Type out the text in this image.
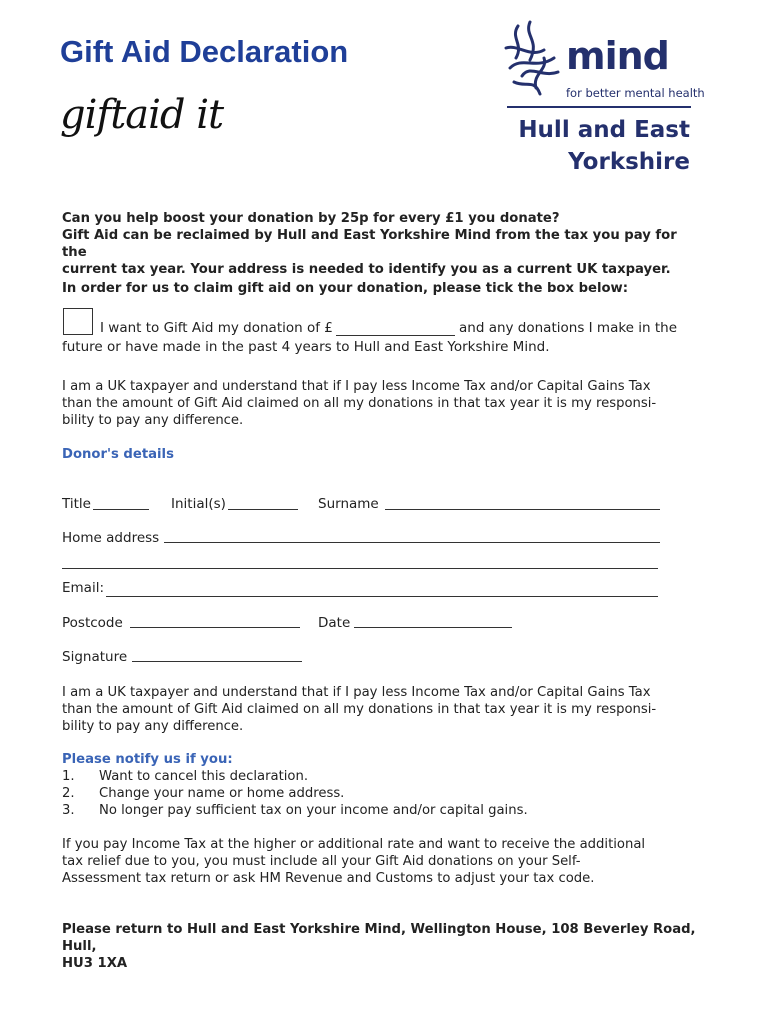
Gift Aid Declaration
giftaid it
mind
for better mental health
Hull and East
Yorkshire
Can you help boost your donation by 25p for every £1 you donate?
Gift Aid can be reclaimed by Hull and East Yorkshire Mind from the tax you pay for the
current tax year. Your address is needed to identify you as a current UK taxpayer.
In order for us to claim gift aid on your donation, please tick the box below:
I want to Gift Aid my donation of £	and any donations I make in the
future or have made in the past 4 years to Hull and East Yorkshire Mind.
I am a UK taxpayer and understand that if I pay less Income Tax and/or Capital Gains Tax
than the amount of Gift Aid claimed on all my donations in that tax year it is my responsi-
bility to pay any difference.
Donor's details
Title	Initial(s)	Surname
Home address
Email:
Postcode	Date
Signature
I am a UK taxpayer and understand that if I pay less Income Tax and/or Capital Gains Tax
than the amount of Gift Aid claimed on all my donations in that tax year it is my responsi-
bility to pay any difference.
Please notify us if you:
1. Want to cancel this declaration.
2. Change your name or home address.
3. No longer pay sufficient tax on your income and/or capital gains.
If you pay Income Tax at the higher or additional rate and want to receive the additional
tax relief due to you, you must include all your Gift Aid donations on your Self-
Assessment tax return or ask HM Revenue and Customs to adjust your tax code.
Please return to Hull and East Yorkshire Mind, Wellington House, 108 Beverley Road, Hull,
HU3 1XA
